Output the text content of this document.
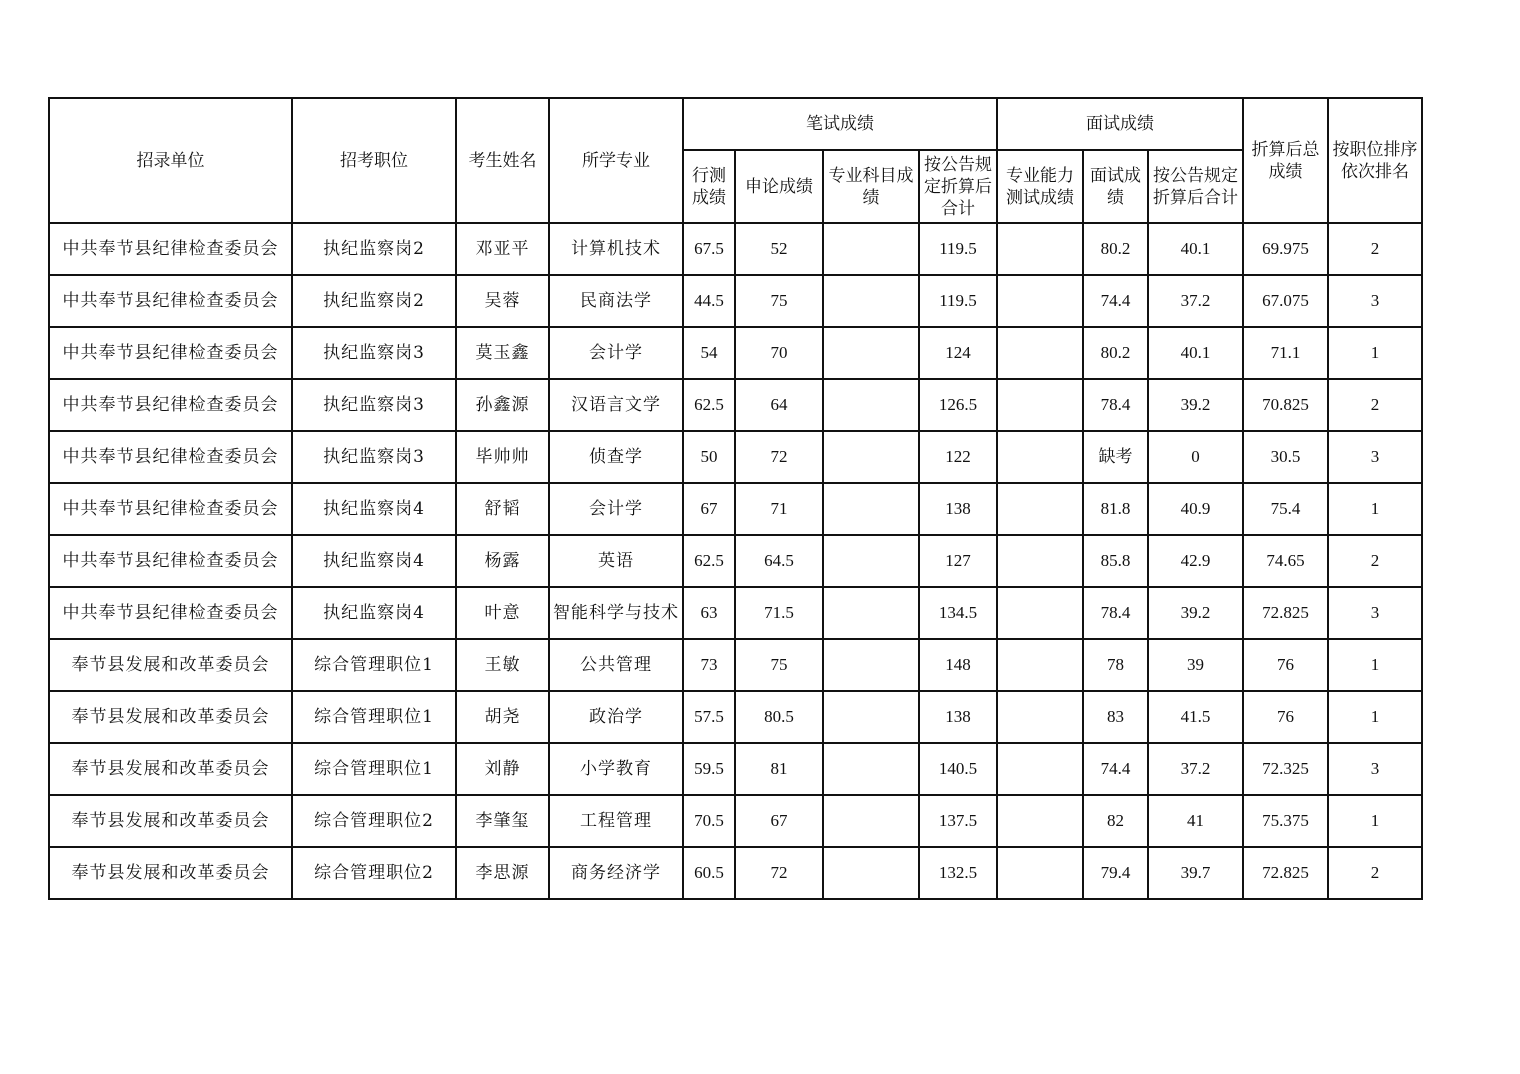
招录单位	招考职位	考生姓名	所学专业	笔试成绩				面试成绩			折算后总成绩	按职位排序依次排名
				行测成绩	申论成绩	专业科目成绩	按公告规定折算后合计	专业能力测试成绩	面试成绩	按公告规定折算后合计		
中共奉节县纪律检查委员会	执纪监察岗2	邓亚平	计算机技术	67.5	52		119.5		80.2	40.1	69.975	2
中共奉节县纪律检查委员会	执纪监察岗2	吴蓉	民商法学	44.5	75		119.5		74.4	37.2	67.075	3
中共奉节县纪律检查委员会	执纪监察岗3	莫玉鑫	会计学	54	70		124		80.2	40.1	71.1	1
中共奉节县纪律检查委员会	执纪监察岗3	孙鑫源	汉语言文学	62.5	64		126.5		78.4	39.2	70.825	2
中共奉节县纪律检查委员会	执纪监察岗3	毕帅帅	侦查学	50	72		122		缺考	0	30.5	3
中共奉节县纪律检查委员会	执纪监察岗4	舒韬	会计学	67	71		138		81.8	40.9	75.4	1
中共奉节县纪律检查委员会	执纪监察岗4	杨露	英语	62.5	64.5		127		85.8	42.9	74.65	2
中共奉节县纪律检查委员会	执纪监察岗4	叶意	智能科学与技术	63	71.5		134.5		78.4	39.2	72.825	3
奉节县发展和改革委员会	综合管理职位1	王敏	公共管理	73	75		148		78	39	76	1
奉节县发展和改革委员会	综合管理职位1	胡尧	政治学	57.5	80.5		138		83	41.5	76	1
奉节县发展和改革委员会	综合管理职位1	刘静	小学教育	59.5	81		140.5		74.4	37.2	72.325	3
奉节县发展和改革委员会	综合管理职位2	李肇玺	工程管理	70.5	67		137.5		82	41	75.375	1
奉节县发展和改革委员会	综合管理职位2	李思源	商务经济学	60.5	72		132.5		79.4	39.7	72.825	2
